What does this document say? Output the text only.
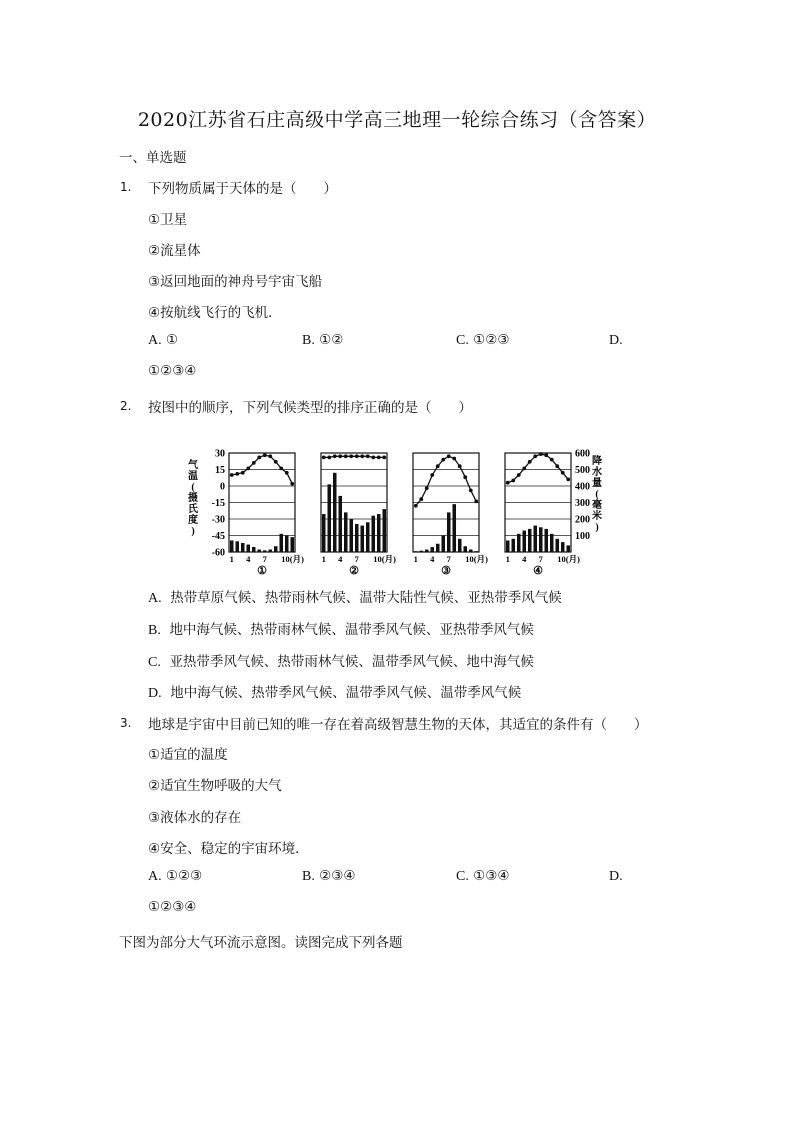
2020江苏省石庄高级中学高三地理一轮综合练习（含答案）
一、单选题
1. 下列物质属于天体的是（　　）
①卫星
②流星体
③返回地面的神舟号宇宙飞船
④按航线飞行的飞机．
A. ①	B. ①②	C. ①②③	D.
①②③④
2. 按图中的顺序，下列气候类型的排序正确的是（　　）
气
温
(
摄
氏
度
)
30
15
0
-15
-30
-45
-60
600
500
400
300
200
100
降
水
量
(
毫
米
)
1 4 7 10(月)
①
1 4 7 10(月)
②
1 4 7 10(月)
③
1 4 7 10(月)
④
A. 热带草原气候、热带雨林气候、温带大陆性气候、亚热带季风气候
B. 地中海气候、热带雨林气候、温带季风气候、亚热带季风气候
C. 亚热带季风气候、热带雨林气候、温带季风气候、地中海气候
D. 地中海气候、热带季风气候、温带季风气候、温带季风气候
3. 地球是宇宙中目前已知的唯一存在着高级智慧生物的天体，其适宜的条件有（　　）
①适宜的温度
②适宜生物呼吸的大气
③液体水的存在
④安全、稳定的宇宙环境．
A. ①②③	B. ②③④	C. ①③④	D.
①②③④
下图为部分大气环流示意图。读图完成下列各题
